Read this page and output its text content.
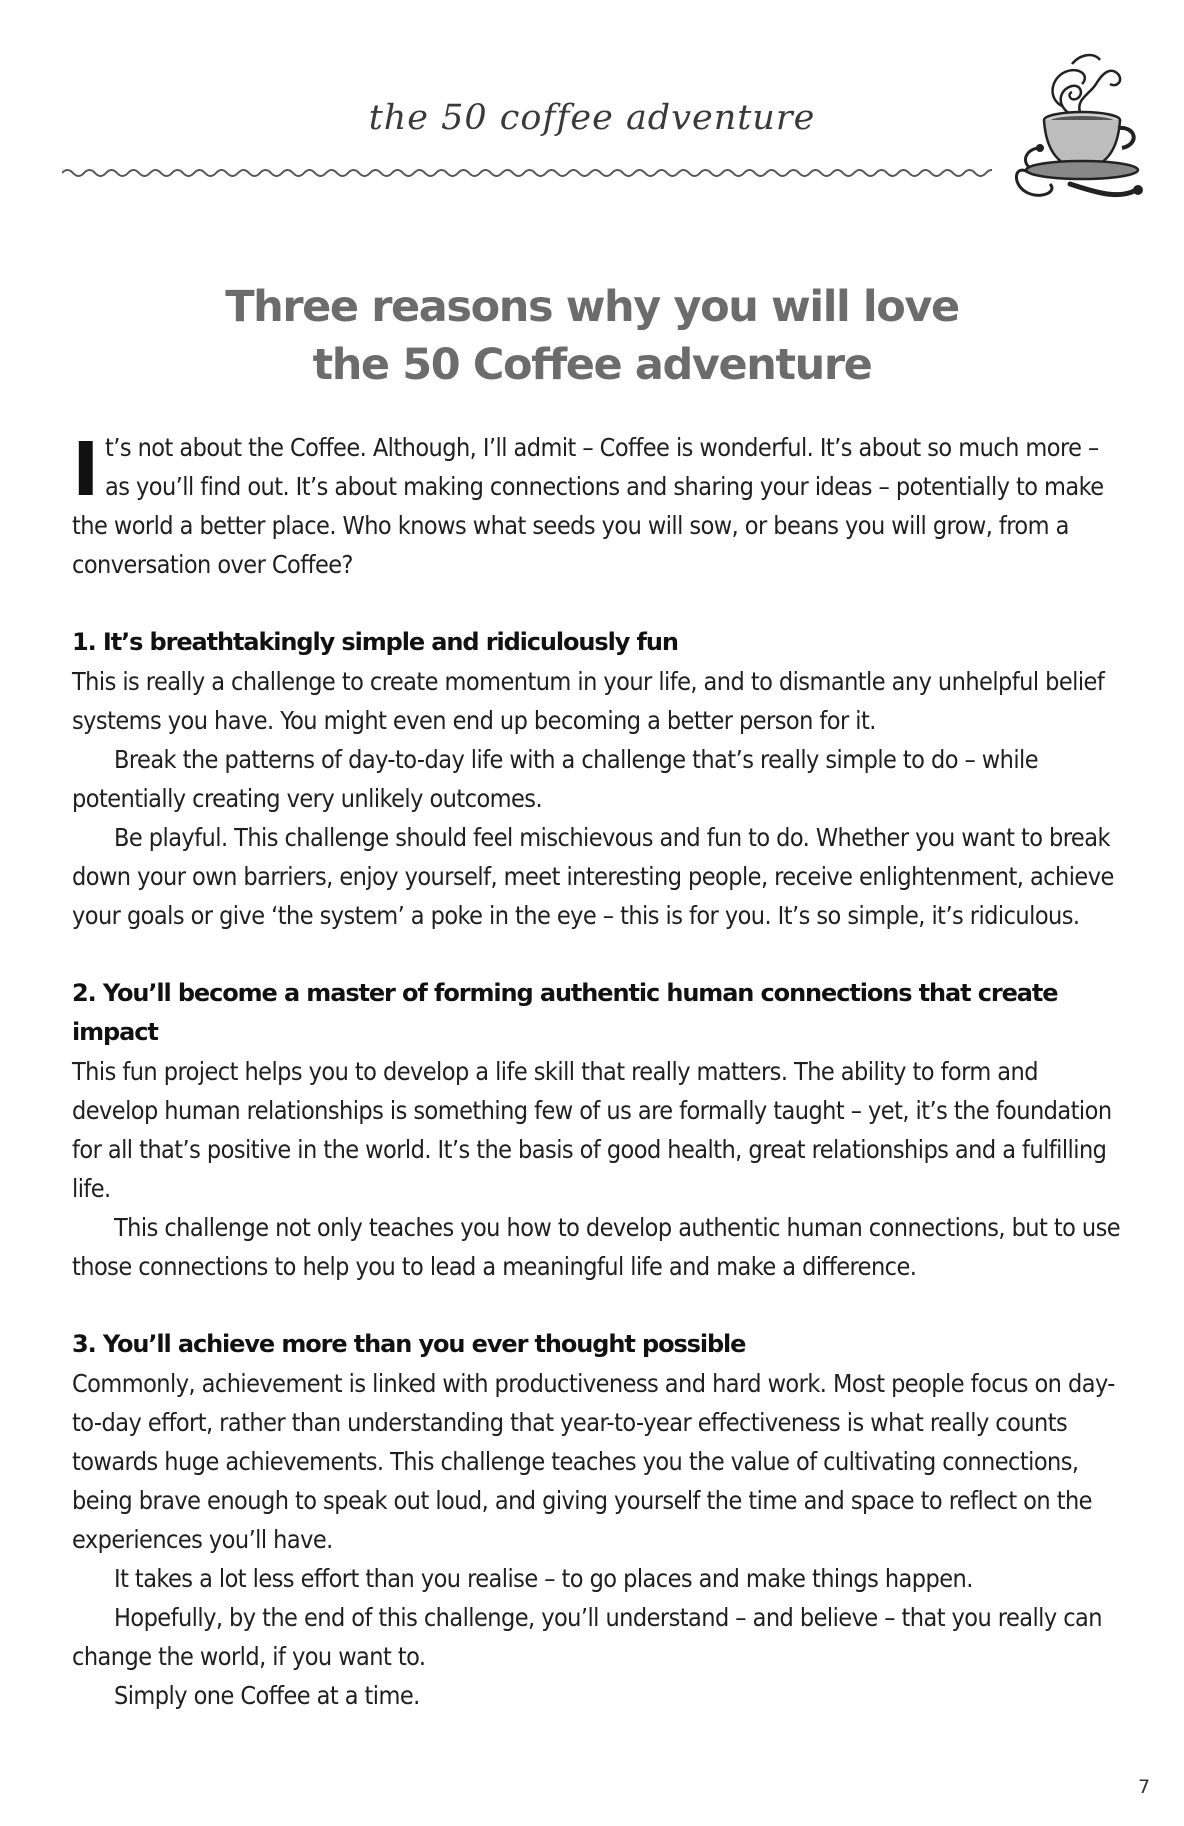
the 50 coffee adventure
Three reasons why you will love
the 50 Coffee adventure

It’s not about the Coffee. Although, I’ll admit – Coffee is wonderful. It’s about so much more – as you’ll find out. It’s about making connections and sharing your ideas – potentially to make the world a better place. Who knows what seeds you will sow, or beans you will grow, from a conversation over Coffee?

1. It’s breathtakingly simple and ridiculously fun

This is really a challenge to create momentum in your life, and to dismantle any unhelpful belief systems you have. You might even end up becoming a better person for it.

Break the patterns of day-to-day life with a challenge that’s really simple to do – while potentially creating very unlikely outcomes.

Be playful. This challenge should feel mischievous and fun to do. Whether you want to break down your own barriers, enjoy yourself, meet interesting people, receive enlightenment, achieve your goals or give ‘the system’ a poke in the eye – this is for you. It’s so simple, it’s ridiculous.

2. You’ll become a master of forming authentic human connections that create impact

This fun project helps you to develop a life skill that really matters. The ability to form and develop human relationships is something few of us are formally taught – yet, it’s the foundation for all that’s positive in the world. It’s the basis of good health, great relationships and a fulfilling life.

This challenge not only teaches you how to develop authentic human connections, but to use those connections to help you to lead a meaningful life and make a difference.

3. You’ll achieve more than you ever thought possible

Commonly, achievement is linked with productiveness and hard work. Most people focus on day-to-day effort, rather than understanding that year-to-year effectiveness is what really counts towards huge achievements. This challenge teaches you the value of cultivating connections, being brave enough to speak out loud, and giving yourself the time and space to reflect on the experiences you’ll have.

It takes a lot less effort than you realise – to go places and make things happen.

Hopefully, by the end of this challenge, you’ll understand – and believe – that you really can change the world, if you want to.

Simply one Coffee at a time.

7
